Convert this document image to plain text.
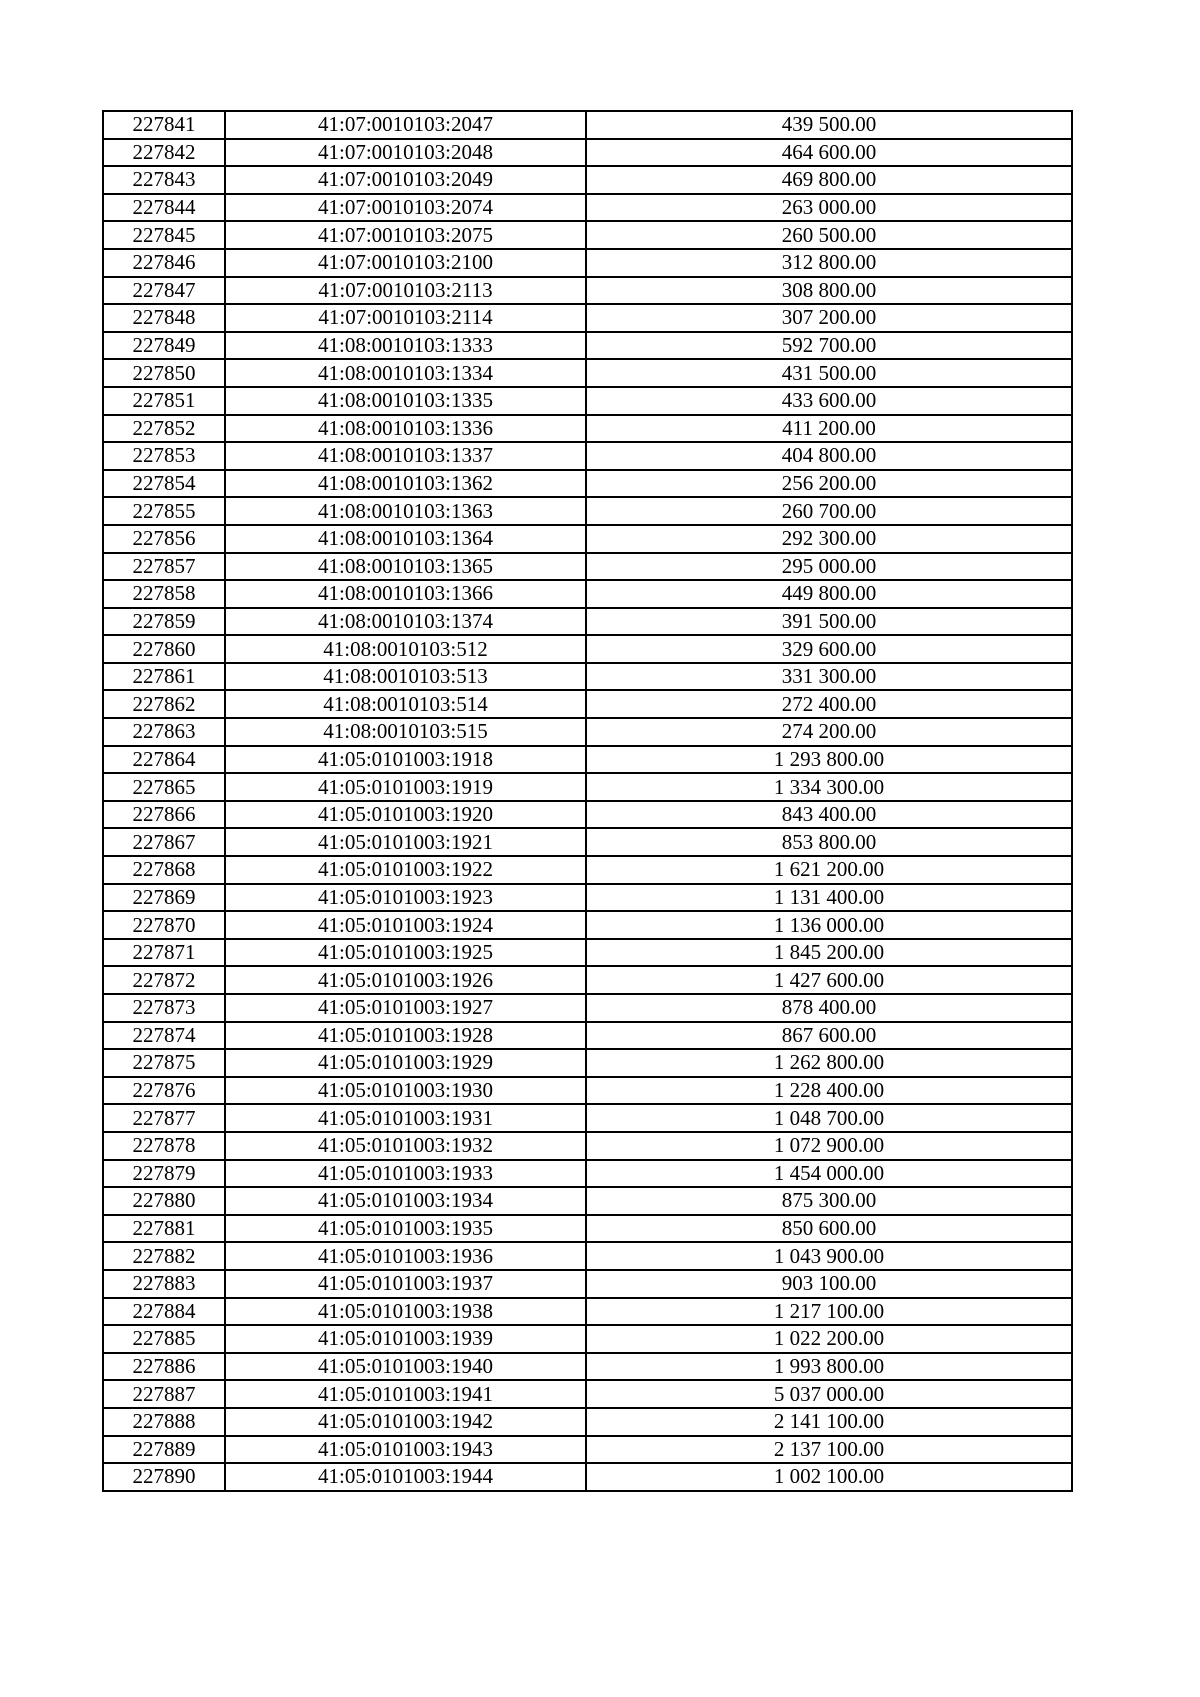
227841	41:07:0010103:2047	439 500.00
227842	41:07:0010103:2048	464 600.00
227843	41:07:0010103:2049	469 800.00
227844	41:07:0010103:2074	263 000.00
227845	41:07:0010103:2075	260 500.00
227846	41:07:0010103:2100	312 800.00
227847	41:07:0010103:2113	308 800.00
227848	41:07:0010103:2114	307 200.00
227849	41:08:0010103:1333	592 700.00
227850	41:08:0010103:1334	431 500.00
227851	41:08:0010103:1335	433 600.00
227852	41:08:0010103:1336	411 200.00
227853	41:08:0010103:1337	404 800.00
227854	41:08:0010103:1362	256 200.00
227855	41:08:0010103:1363	260 700.00
227856	41:08:0010103:1364	292 300.00
227857	41:08:0010103:1365	295 000.00
227858	41:08:0010103:1366	449 800.00
227859	41:08:0010103:1374	391 500.00
227860	41:08:0010103:512	329 600.00
227861	41:08:0010103:513	331 300.00
227862	41:08:0010103:514	272 400.00
227863	41:08:0010103:515	274 200.00
227864	41:05:0101003:1918	1 293 800.00
227865	41:05:0101003:1919	1 334 300.00
227866	41:05:0101003:1920	843 400.00
227867	41:05:0101003:1921	853 800.00
227868	41:05:0101003:1922	1 621 200.00
227869	41:05:0101003:1923	1 131 400.00
227870	41:05:0101003:1924	1 136 000.00
227871	41:05:0101003:1925	1 845 200.00
227872	41:05:0101003:1926	1 427 600.00
227873	41:05:0101003:1927	878 400.00
227874	41:05:0101003:1928	867 600.00
227875	41:05:0101003:1929	1 262 800.00
227876	41:05:0101003:1930	1 228 400.00
227877	41:05:0101003:1931	1 048 700.00
227878	41:05:0101003:1932	1 072 900.00
227879	41:05:0101003:1933	1 454 000.00
227880	41:05:0101003:1934	875 300.00
227881	41:05:0101003:1935	850 600.00
227882	41:05:0101003:1936	1 043 900.00
227883	41:05:0101003:1937	903 100.00
227884	41:05:0101003:1938	1 217 100.00
227885	41:05:0101003:1939	1 022 200.00
227886	41:05:0101003:1940	1 993 800.00
227887	41:05:0101003:1941	5 037 000.00
227888	41:05:0101003:1942	2 141 100.00
227889	41:05:0101003:1943	2 137 100.00
227890	41:05:0101003:1944	1 002 100.00
